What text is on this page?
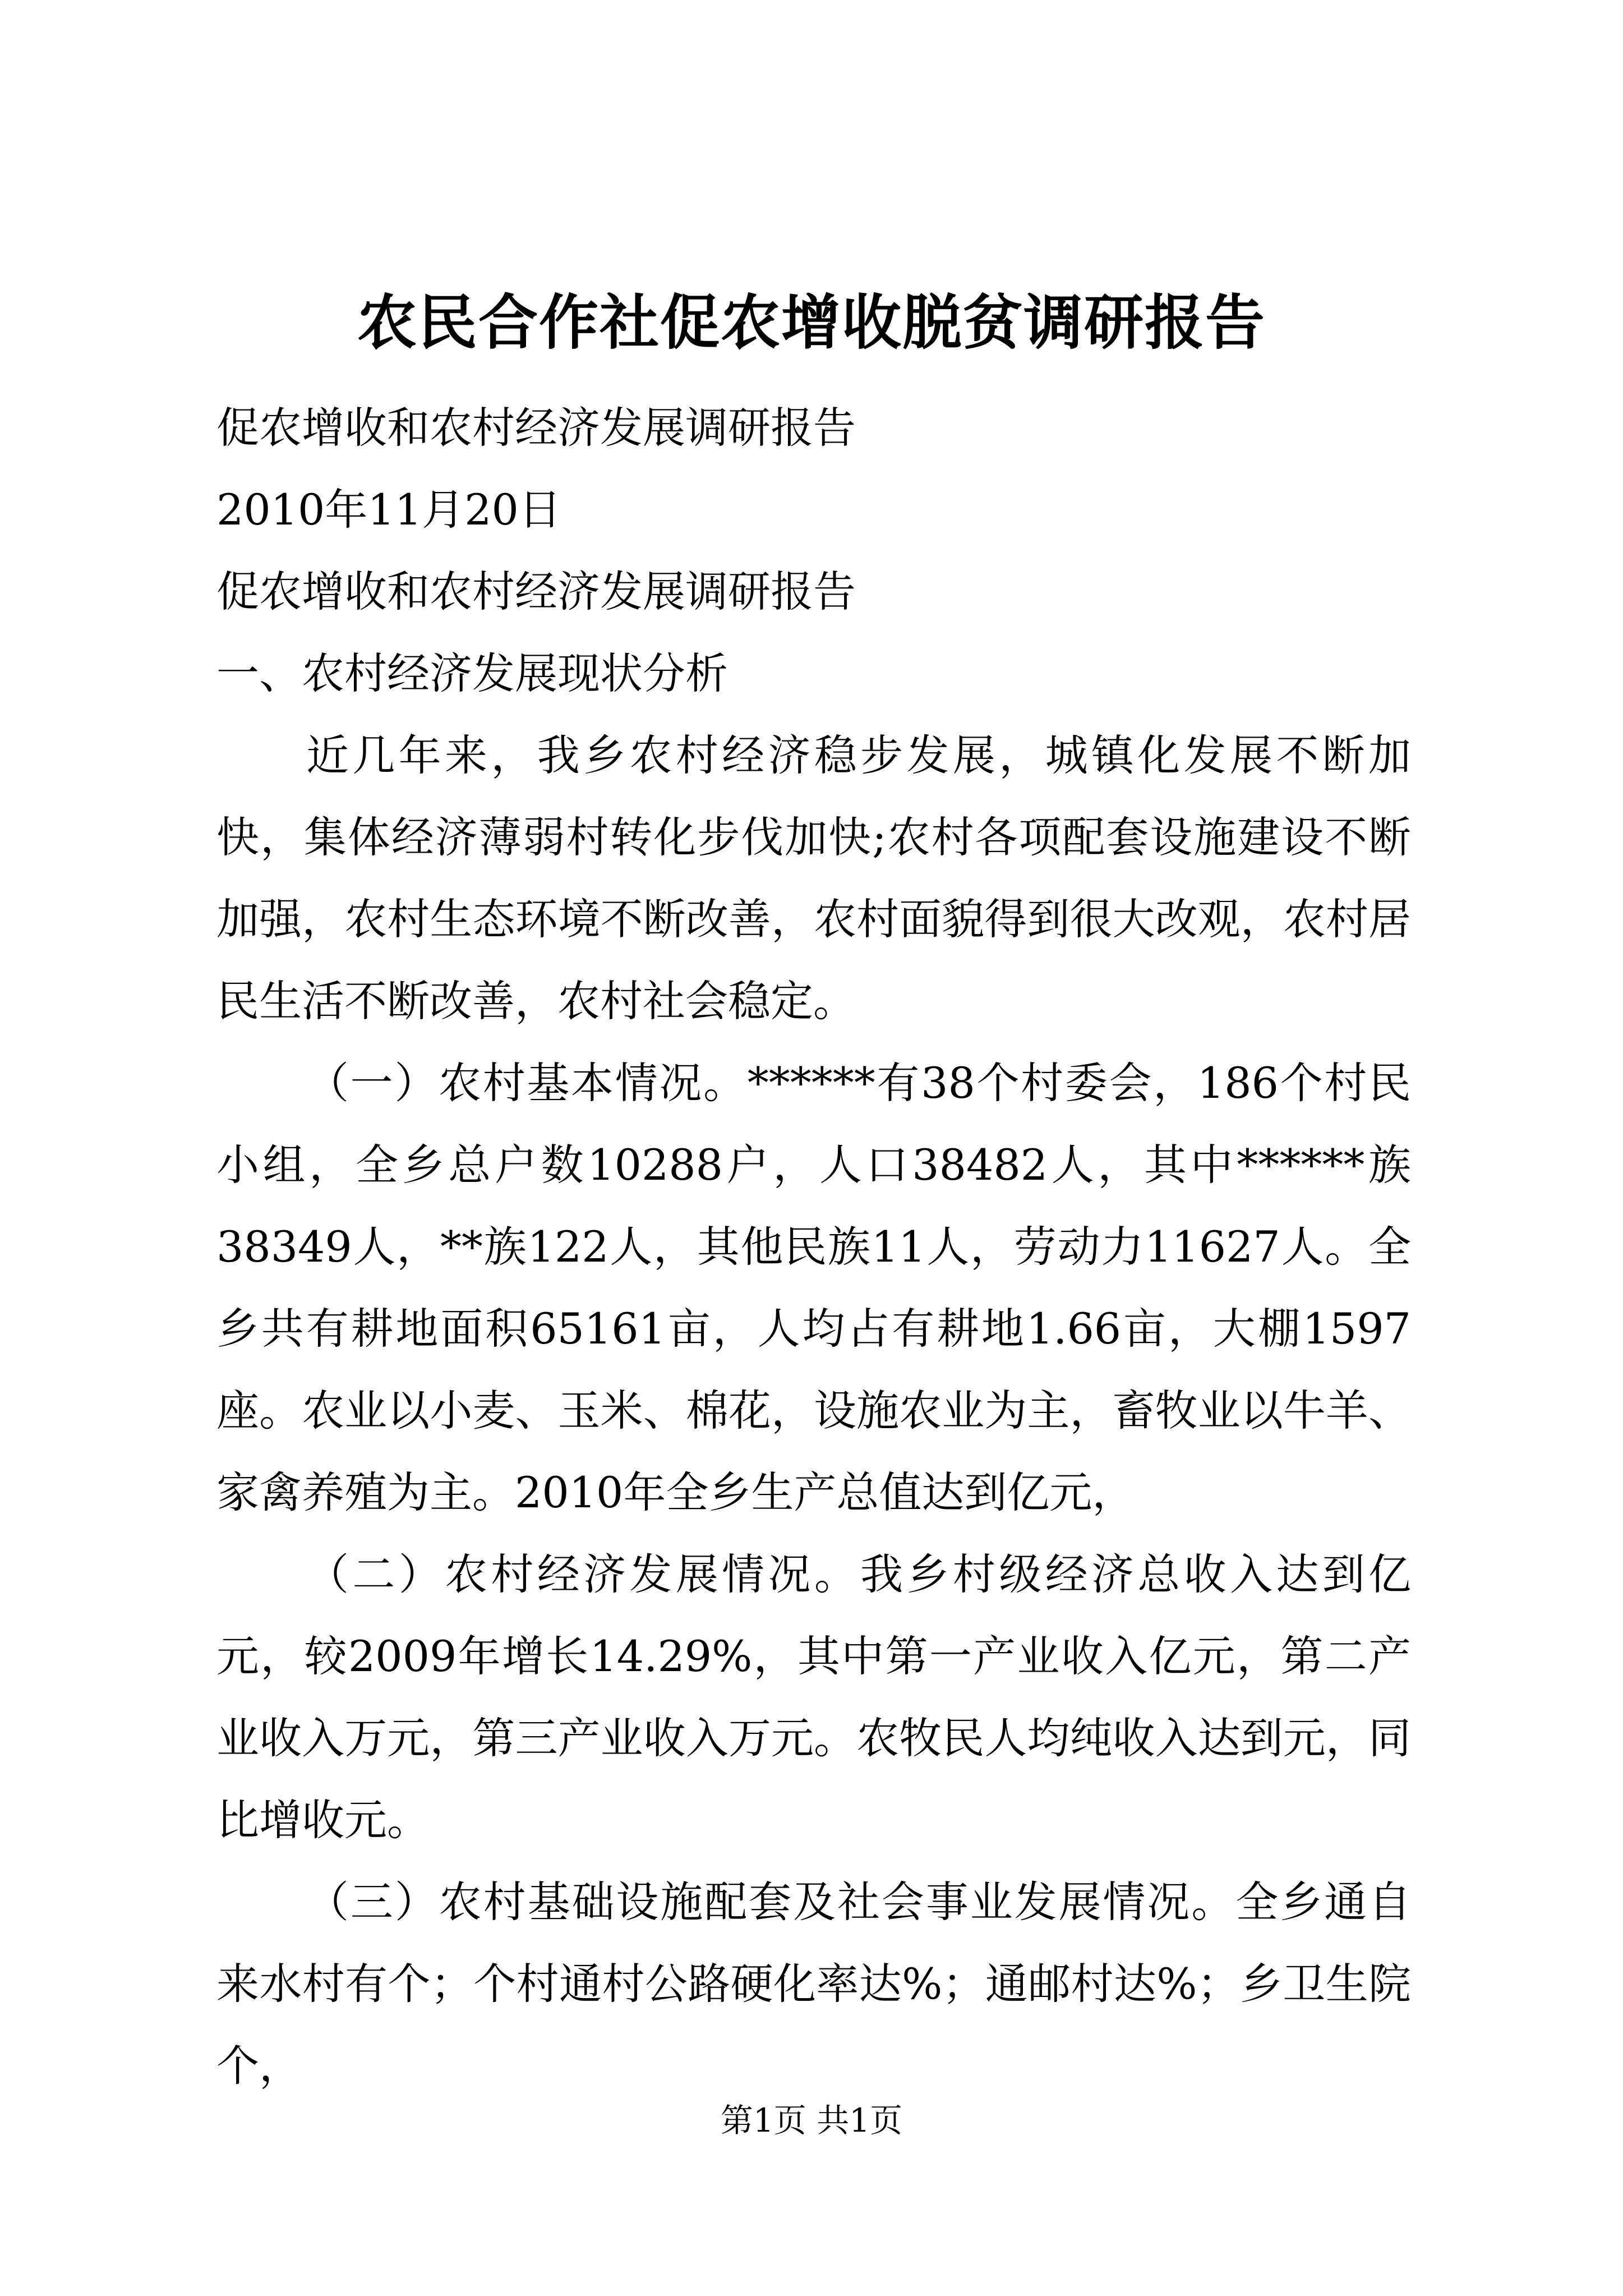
农民合作社促农增收脱贫调研报告

促农增收和农村经济发展调研报告

2010年11月20日

促农增收和农村经济发展调研报告

一、农村经济发展现状分析

近几年来，我乡农村经济稳步发展，城镇化发展不断加快，集体经济薄弱村转化步伐加快;农村各项配套设施建设不断加强，农村生态环境不断改善，农村面貌得到很大改观，农村居民生活不断改善，农村社会稳定。

（一）农村基本情况。******有38个村委会，186个村民小组，全乡总户数10288户，人口38482人，其中******族38349人，**族122人，其他民族11人，劳动力11627人。全乡共有耕地面积65161亩，人均占有耕地1.66亩，大棚1597座。农业以小麦、玉米、棉花，设施农业为主，畜牧业以牛羊、家禽养殖为主。2010年全乡生产总值达到亿元，

（二）农村经济发展情况。我乡村级经济总收入达到亿元，较2009年增长14.29%，其中第一产业收入亿元，第二产业收入万元，第三产业收入万元。农牧民人均纯收入达到元，同比增收元。

（三）农村基础设施配套及社会事业发展情况。全乡通自来水村有个；个村通村公路硬化率达%；通邮村达%；乡卫生院个，

第1页 共1页
